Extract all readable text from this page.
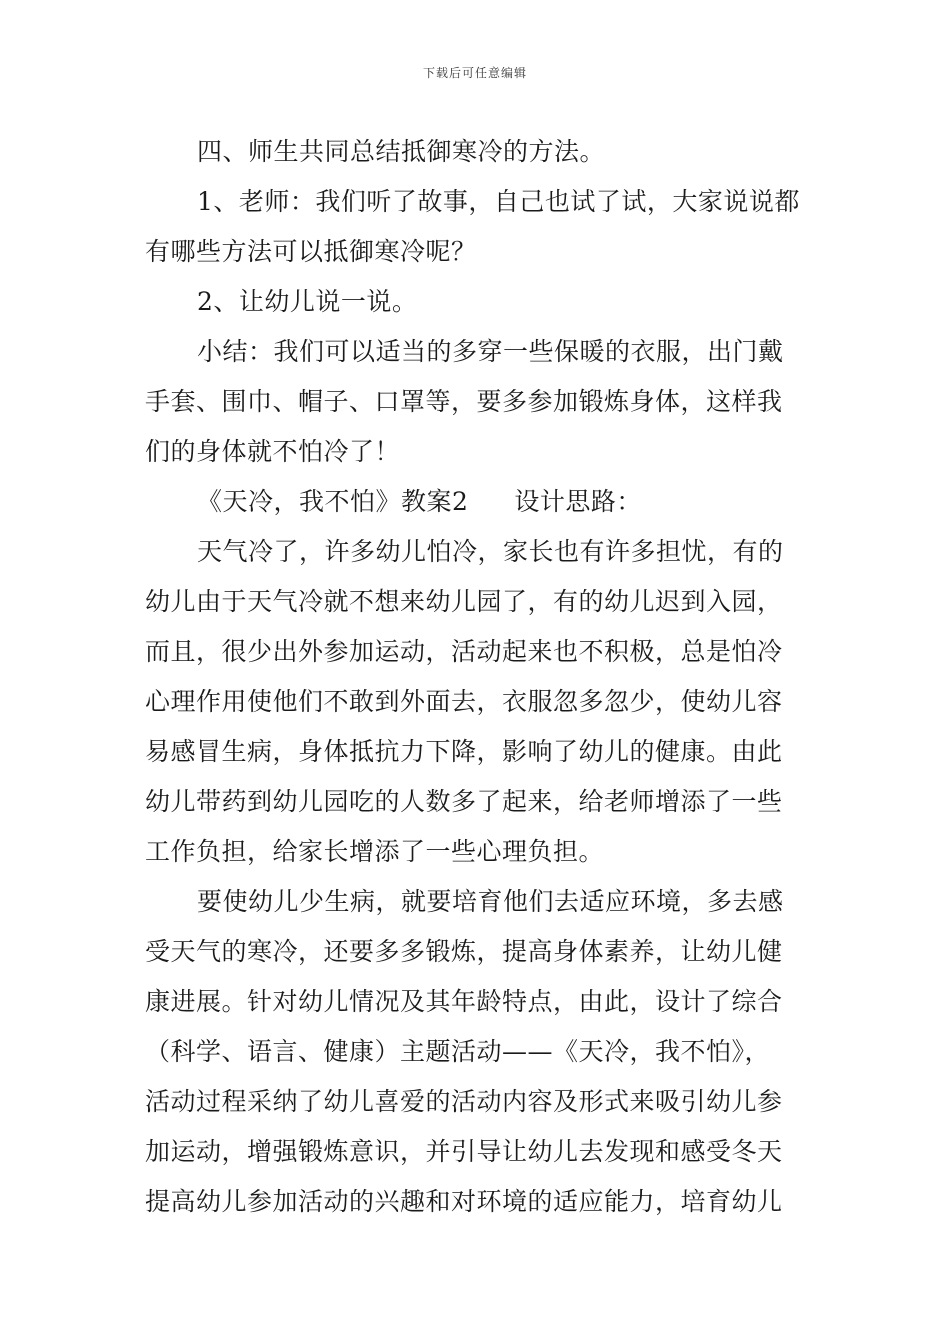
下载后可任意编辑
四、师生共同总结抵御寒冷的方法。
1、老师：我们听了故事，自己也试了试，大家说说都
有哪些方法可以抵御寒冷呢？
2、让幼儿说一说。
小结：我们可以适当的多穿一些保暖的衣服，出门戴
手套、围巾、帽子、口罩等，要多参加锻炼身体，这样我
们的身体就不怕冷了！
《天冷，我不怕》教案2 设计思路：
天气冷了，许多幼儿怕冷，家长也有许多担忧，有的
幼儿由于天气冷就不想来幼儿园了，有的幼儿迟到入园，
而且，很少出外参加运动，活动起来也不积极，总是怕冷
心理作用使他们不敢到外面去，衣服忽多忽少，使幼儿容
易感冒生病，身体抵抗力下降，影响了幼儿的健康。由此
幼儿带药到幼儿园吃的人数多了起来，给老师增添了一些
工作负担，给家长增添了一些心理负担。
要使幼儿少生病，就要培育他们去适应环境，多去感
受天气的寒冷，还要多多锻炼，提高身体素养，让幼儿健
康进展。针对幼儿情况及其年龄特点，由此，设计了综合
（科学、语言、健康）主题活动——《天冷，我不怕》，
活动过程采纳了幼儿喜爱的活动内容及形式来吸引幼儿参
加运动，增强锻炼意识，并引导让幼儿去发现和感受冬天
提高幼儿参加活动的兴趣和对环境的适应能力，培育幼儿
